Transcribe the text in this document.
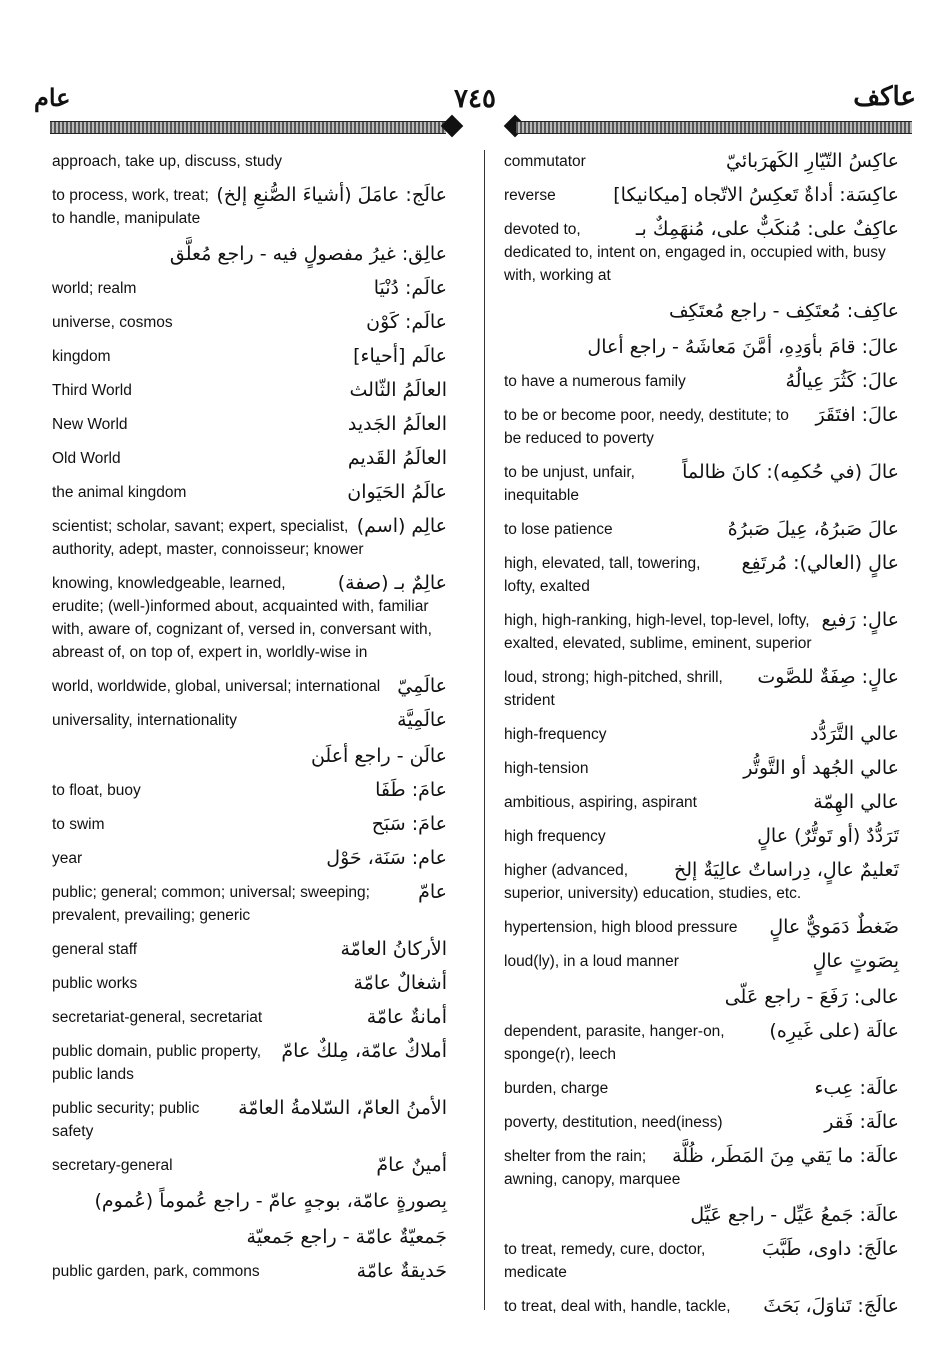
عام	٧٤٥	عاكف
approach, take up, discuss, study
عالَج: عامَلَ (أشياءَ الصُّنعِ إلخ)
to process, work, treat; to handle, manipulate
عالِق: غيرُ مفصولٍ فيه - راجع مُعلَّق
عالَم: دُنْيَا
world; realm
عالَم: كَوْن
universe, cosmos
عالَم [أحياء]
kingdom
العالَمُ الثّالث
Third World
العالَمُ الجَديد
New World
العالَمُ القَديم
Old World
عالَمُ الحَيَوان
the animal kingdom
عالِم (اسم)
scientist; scholar, savant; expert, specialist, authority, adept, master, connoisseur; knower
عالِمٌ بـ (صفة)
knowing, knowledgeable, learned, erudite; (well-)informed about, acquainted with, familiar with, aware of, cognizant of, versed in, conversant with, abreast of, on top of, expert in, worldly-wise in
عالَمِيّ
world, worldwide, global, universal; international
عالَمِيَّة
universality, internationality
عالَن - راجع أعلَن
عامَ: طَفَا
to float, buoy
عامَ: سَبَح
to swim
عام: سَنَة، حَوْل
year
عامّ
public; general; common; universal; sweeping; prevalent, prevailing; generic
الأركانُ العامّة
general staff
أشغالٌ عامّة
public works
أمانةٌ عامّة
secretariat-general, secretariat
أملاكٌ عامّة، مِلكٌ عامّ
public domain, public property, public lands
الأمنُ العامّ، السّلامةُ العامّة
public security; public safety
أمينٌ عامّ
secretary-general
بِصورةٍ عامّة، بوجهٍ عامّ - راجع عُموماً (عُموم)
جَمعيّةٌ عامّة - راجع جَمعيّة
حَديقةٌ عامّة
public garden, park, commons
عاكِسُ التّيّارِ الكَهرَبائيّ
commutator
عاكِسَة: أداةٌ تَعكِسُ الاتّجاه [ميكانيكا]
reverse
عاكِفٌ على: مُنكَبٌّ على، مُنهَمِكٌ بـ
devoted to, dedicated to, intent on, engaged in, occupied with, busy with, working at
عاكِف: مُعتَكِف - راجع مُعتَكِف
عالَ: قامَ بأوَدِهِ، أمَّنَ مَعاشَهُ - راجع أعال
عالَ: كَثُرَ عِيالُهُ
to have a numerous family
عالَ: افتَقَرَ
to be or become poor, needy, destitute; to be reduced to poverty
عالَ (في حُكمِه): كانَ ظالماً
to be unjust, unfair, inequitable
عالَ صَبرُهُ، عِيلَ صَبرُهُ
to lose patience
عالٍ (العالي): مُرتَفِع
high, elevated, tall, towering, lofty, exalted
عالٍ: رَفيع
high, high-ranking, high-level, top-level, lofty, exalted, elevated, sublime, eminent, superior
عالٍ: صِفَةٌ للصَّوت
loud, strong; high-pitched, shrill, strident
عالي التَّرَدُّد
high-frequency
عالي الجُهد أو التَّوتُّر
high-tension
عالي الهِمّة
ambitious, aspiring, aspirant
تَرَدُّدٌ (أو تَوتُّرٌ) عالٍ
high frequency
تَعليمٌ عالٍ، دِراساتٌ عالِيَةٌ إلخ
higher (advanced, superior, university) education, studies, etc.
ضَغطٌ دَمَويٌّ عالٍ
hypertension, high blood pressure
بِصَوتٍ عالٍ
loud(ly), in a loud manner
عالى: رَفَعَ - راجع عَلّى
عالَة (على غَيرِه)
dependent, parasite, hanger-on, sponge(r), leech
عالَة: عِبء
burden, charge
عالَة: فَقر
poverty, destitution, need(iness)
عالَة: ما يَقي مِنَ المَطَر، ظُلَّة
shelter from the rain; awning, canopy, marquee
عالَة: جَمعُ عَيِّل - راجع عَيِّل
عالَجَ: داوى، طَبَّبَ
to treat, remedy, cure, doctor, medicate
عالَجَ: تَناوَلَ، بَحَثَ
to treat, deal with, handle, tackle,
